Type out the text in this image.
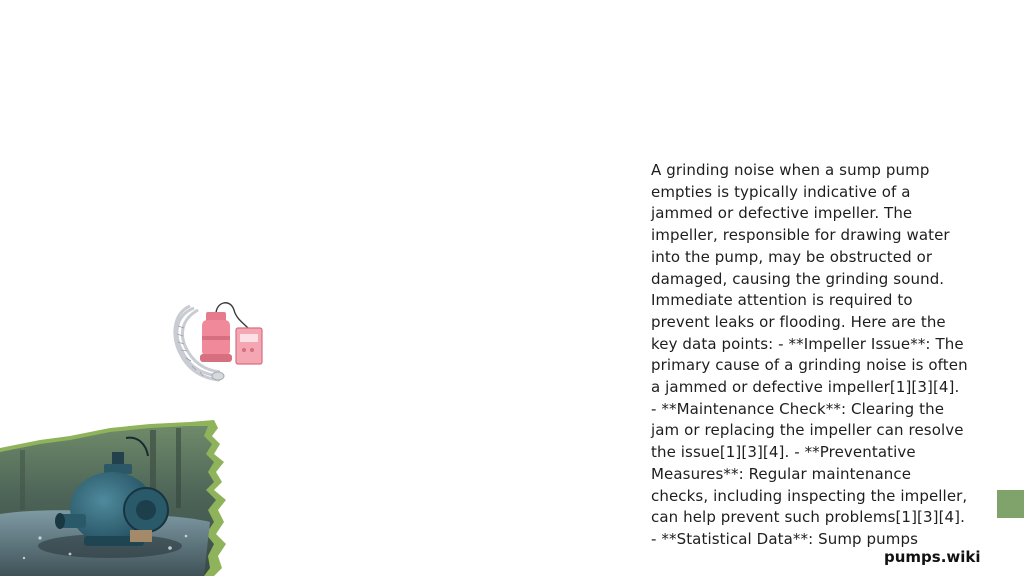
A grinding noise when a sump pump empties is typically indicative of a jammed or defective impeller. The impeller, responsible for drawing water into the pump, may be obstructed or damaged, causing the grinding sound. Immediate attention is required to prevent leaks or flooding. Here are the key data points: - **Impeller Issue**: The primary cause of a grinding noise is often a jammed or defective impeller[1][3][4]. - **Maintenance Check**: Clearing the jam or replacing the impeller can resolve the issue[1][3][4]. - **Preventative Measures**: Regular maintenance checks, including inspecting the impeller, can help prevent such problems[1][3][4]. - **Statistical Data**: Sump pumps
pumps.wiki
